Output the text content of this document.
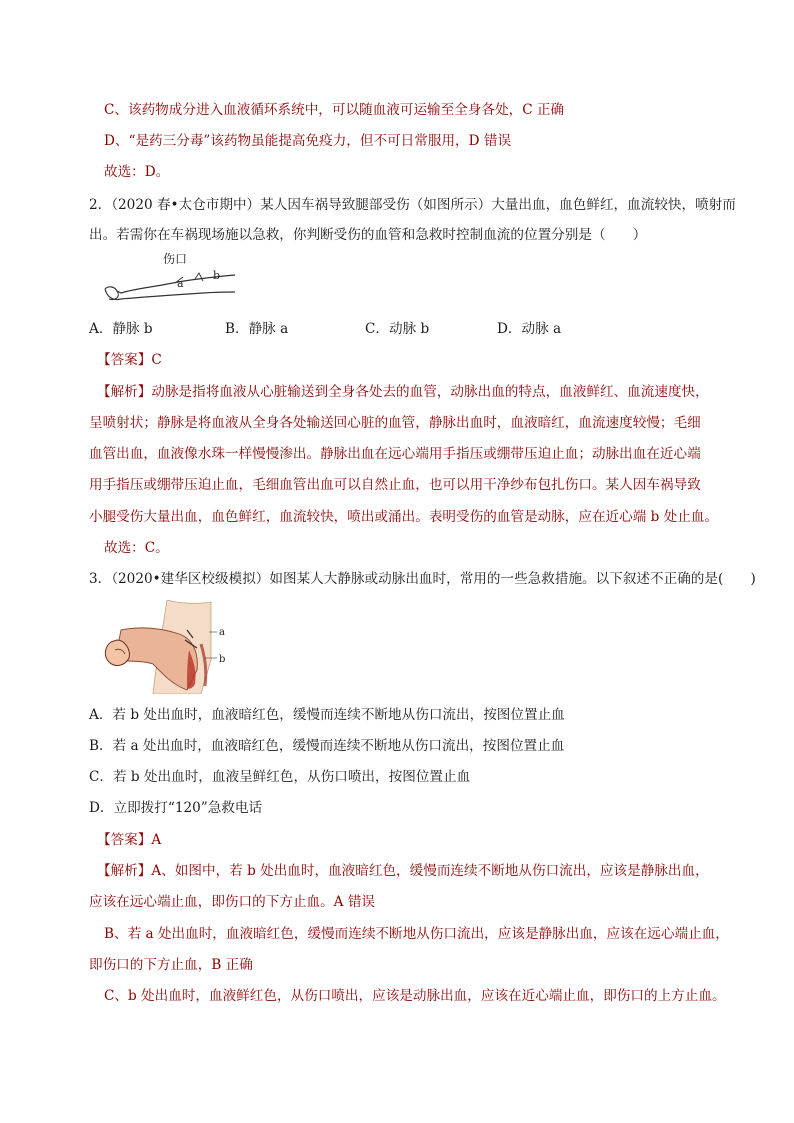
C、该药物成分进入血液循环系统中，可以随血液可运输至全身各处，C 正确
D、“是药三分毒”该药物虽能提高免疫力，但不可日常服用，D 错误
故选：D。
2．（2020 春•太仓市期中）某人因车祸导致腿部受伤（如图所示）大量出血，血色鲜红，血流较快，喷射而
出。若需你在车祸现场施以急救，你判断受伤的血管和急救时控制血流的位置分别是（　　）
伤口
a
b
A．静脉 b	B．静脉 a	C．动脉 b	D．动脉 a
【答案】C
【解析】动脉是指将血液从心脏输送到全身各处去的血管，动脉出血的特点，血液鲜红、血流速度快，
呈喷射状；静脉是将血液从全身各处输送回心脏的血管，静脉出血时，血液暗红，血流速度较慢；毛细
血管出血，血液像水珠一样慢慢渗出。静脉出血在远心端用手指压或绷带压迫止血；动脉出血在近心端
用手指压或绷带压迫止血，毛细血管出血可以自然止血，也可以用干净纱布包扎伤口。某人因车祸导致
小腿受伤大量出血，血色鲜红，血流较快，喷出或涌出。表明受伤的血管是动脉，应在近心端 b 处止血。
故选：C。
3．（2020•建华区校级模拟）如图某人大静脉或动脉出血时，常用的一些急救措施。以下叙述不正确的是(　　)
a
b
A．若 b 处出血时，血液暗红色，缓慢而连续不断地从伤口流出，按图位置止血
B．若 a 处出血时，血液暗红色，缓慢而连续不断地从伤口流出，按图位置止血
C．若 b 处出血时，血液呈鲜红色，从伤口喷出，按图位置止血
D．立即拨打“120”急救电话
【答案】A
【解析】A、如图中，若 b 处出血时，血液暗红色，缓慢而连续不断地从伤口流出，应该是静脉出血，
应该在远心端止血，即伤口的下方止血。A 错误
B、若 a 处出血时，血液暗红色，缓慢而连续不断地从伤口流出，应该是静脉出血，应该在远心端止血，
即伤口的下方止血，B 正确
C、b 处出血时，血液鲜红色，从伤口喷出，应该是动脉出血，应该在近心端止血，即伤口的上方止血。
